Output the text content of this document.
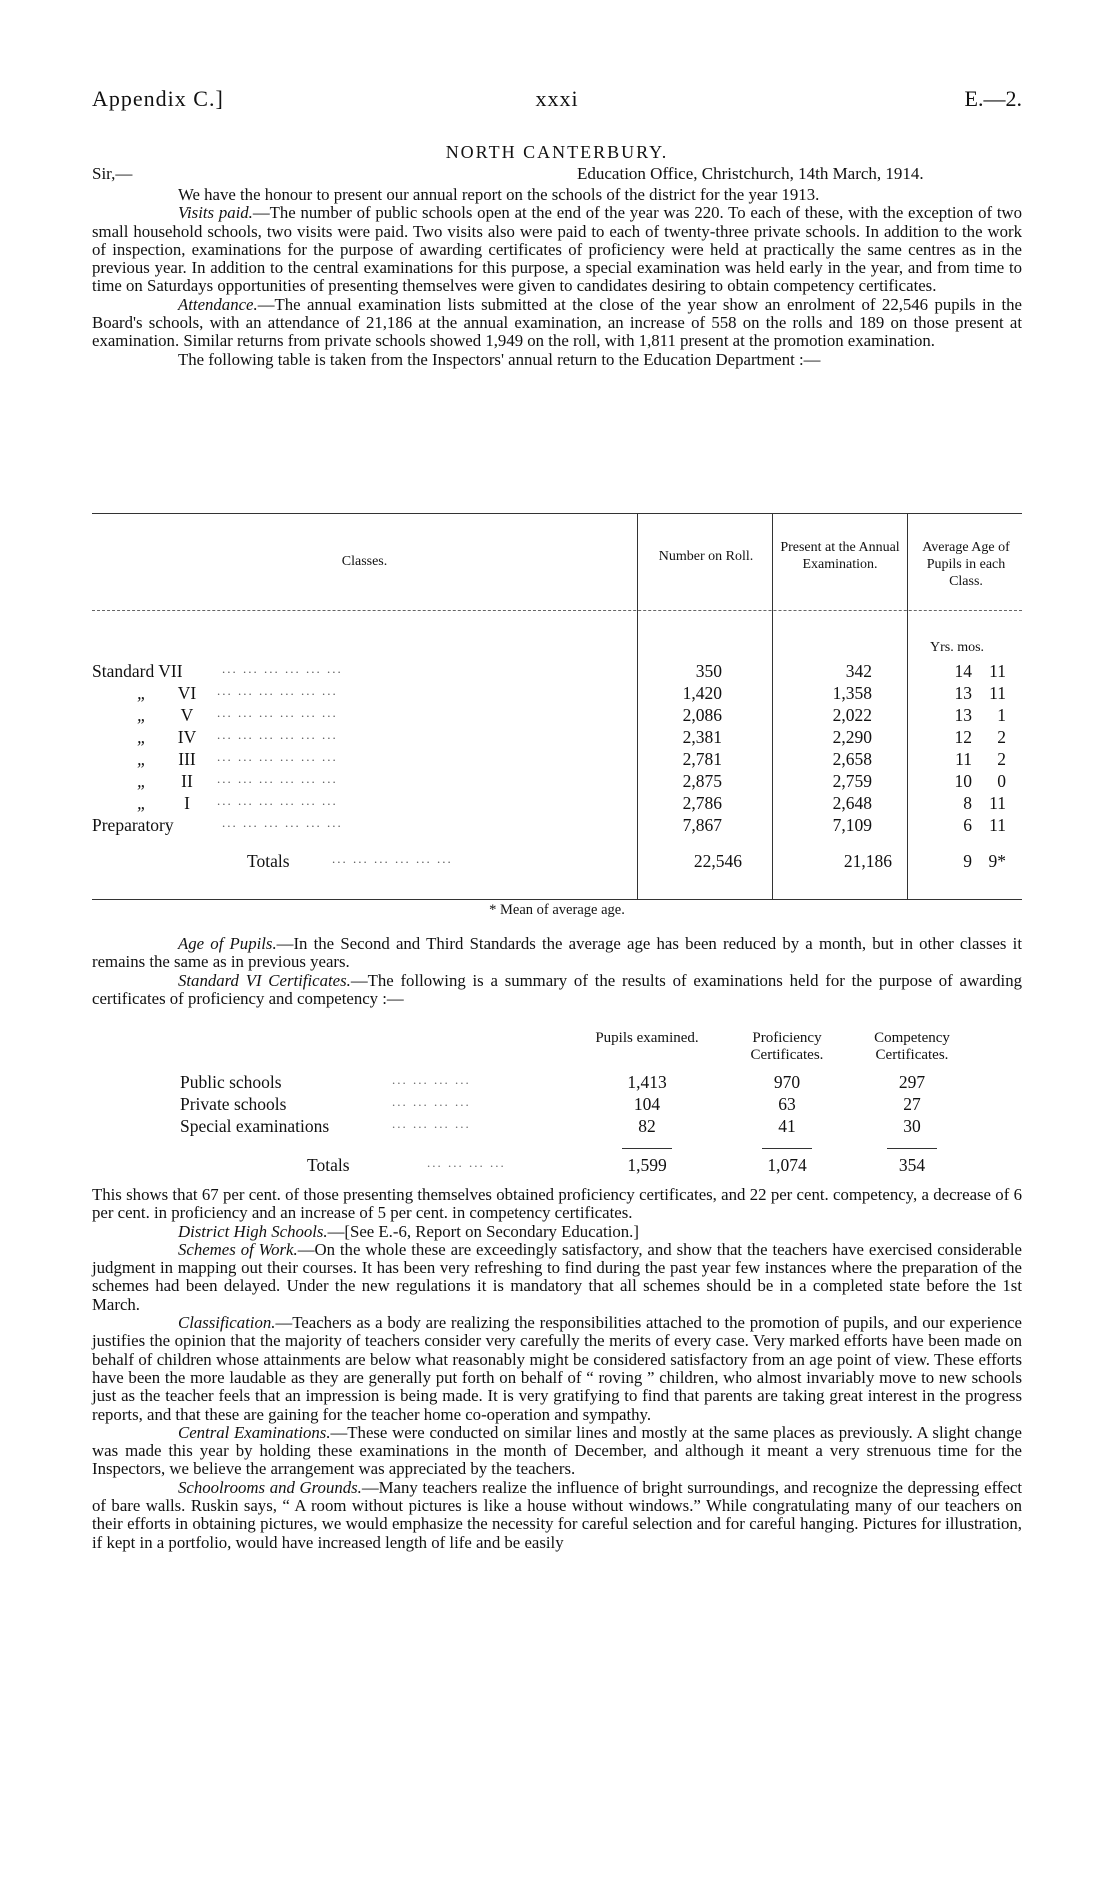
Appendix C.]	xxxi	E.—2.
NORTH CANTERBURY.
Sir,—	Education Office, Christchurch, 14th March, 1914.

We have the honour to present our annual report on the schools of the district for the year 1913.

Visits paid.—The number of public schools open at the end of the year was 220. To each of these, with the exception of two small household schools, two visits were paid. Two visits also were paid to each of twenty-three private schools. In addition to the work of inspection, examinations for the purpose of awarding certificates of proficiency were held at practically the same centres as in the previous year. In addition to the central examinations for this purpose, a special examination was held early in the year, and from time to time on Saturdays opportunities of presenting themselves were given to candidates desiring to obtain competency certificates.

Attendance.—The annual examination lists submitted at the close of the year show an enrolment of 22,546 pupils in the Board's schools, with an attendance of 21,186 at the annual examination, an increase of 558 on the rolls and 189 on those present at examination. Similar returns from private schools showed 1,949 on the roll, with 1,811 present at the promotion examination.

The following table is taken from the Inspectors' annual return to the Education Department :—

Classes.	Number on Roll.
Present at the Annual Examination.
Average Age of Pupils in each Class.
Yrs. mos.
Standard VII	... ... ... ... ... ...	350	342	14 11
„	VI	... ... ... ... ... ...	1,420	1,358	13 11
„	V	... ... ... ... ... ...	2,086	2,022	13	1
„	IV	... ... ... ... ... ...	2,381	2,290	12	2
„	III	... ... ... ... ... ...	2,781	2,658	11	2
„	II	... ... ... ... ... ...	2,875	2,759	10	0
„	I	... ... ... ... ... ...	2,786	2,648	8 11
Preparatory	... ... ... ... ... ...	7,867	7,109	6 11
Totals	... ... ... ... ... ...	22,546	21,186	9 9*
* Mean of average age.

Age of Pupils.—In the Second and Third Standards the average age has been reduced by a month, but in other classes it remains the same as in previous years.

Standard VI Certificates.—The following is a summary of the results of examinations held for the purpose of awarding certificates of proficiency and competency :—

Pupils examined.	Proficiency Certificates.
Competency Certificates.
Public schools	... ... ... ...	1,413	970	297
Private schools	... ... ... ...	104	63	27
Special examinations	... ... ... ...	82	41	30
Totals	... ... ... ...	1,599	1,074	354

This shows that 67 per cent. of those presenting themselves obtained proficiency certificates, and 22 per cent. competency, a decrease of 6 per cent. in proficiency and an increase of 5 per cent. in competency certificates.

District High Schools.—[See E.-6, Report on Secondary Education.]

Schemes of Work.—On the whole these are exceedingly satisfactory, and show that the teachers have exercised considerable judgment in mapping out their courses. It has been very refreshing to find during the past year few instances where the preparation of the schemes had been delayed. Under the new regulations it is mandatory that all schemes should be in a completed state before the 1st March.

Classification.—Teachers as a body are realizing the responsibilities attached to the promotion of pupils, and our experience justifies the opinion that the majority of teachers consider very carefully the merits of every case. Very marked efforts have been made on behalf of children whose attainments are below what reasonably might be considered satisfactory from an age point of view. These efforts have been the more laudable as they are generally put forth on behalf of “ roving ” children, who almost invariably move to new schools just as the teacher feels that an impression is being made. It is very gratifying to find that parents are taking great interest in the progress reports, and that these are gaining for the teacher home co-operation and sympathy.

Central Examinations.—These were conducted on similar lines and mostly at the same places as previously. A slight change was made this year by holding these examinations in the month of December, and although it meant a very strenuous time for the Inspectors, we believe the arrangement was appreciated by the teachers.

Schoolrooms and Grounds.—Many teachers realize the influence of bright surroundings, and recognize the depressing effect of bare walls. Ruskin says, “ A room without pictures is like a house without windows.” While congratulating many of our teachers on their efforts in obtaining pictures, we would emphasize the necessity for careful selection and for careful hanging. Pictures for illustration, if kept in a portfolio, would have increased length of life and be easily
